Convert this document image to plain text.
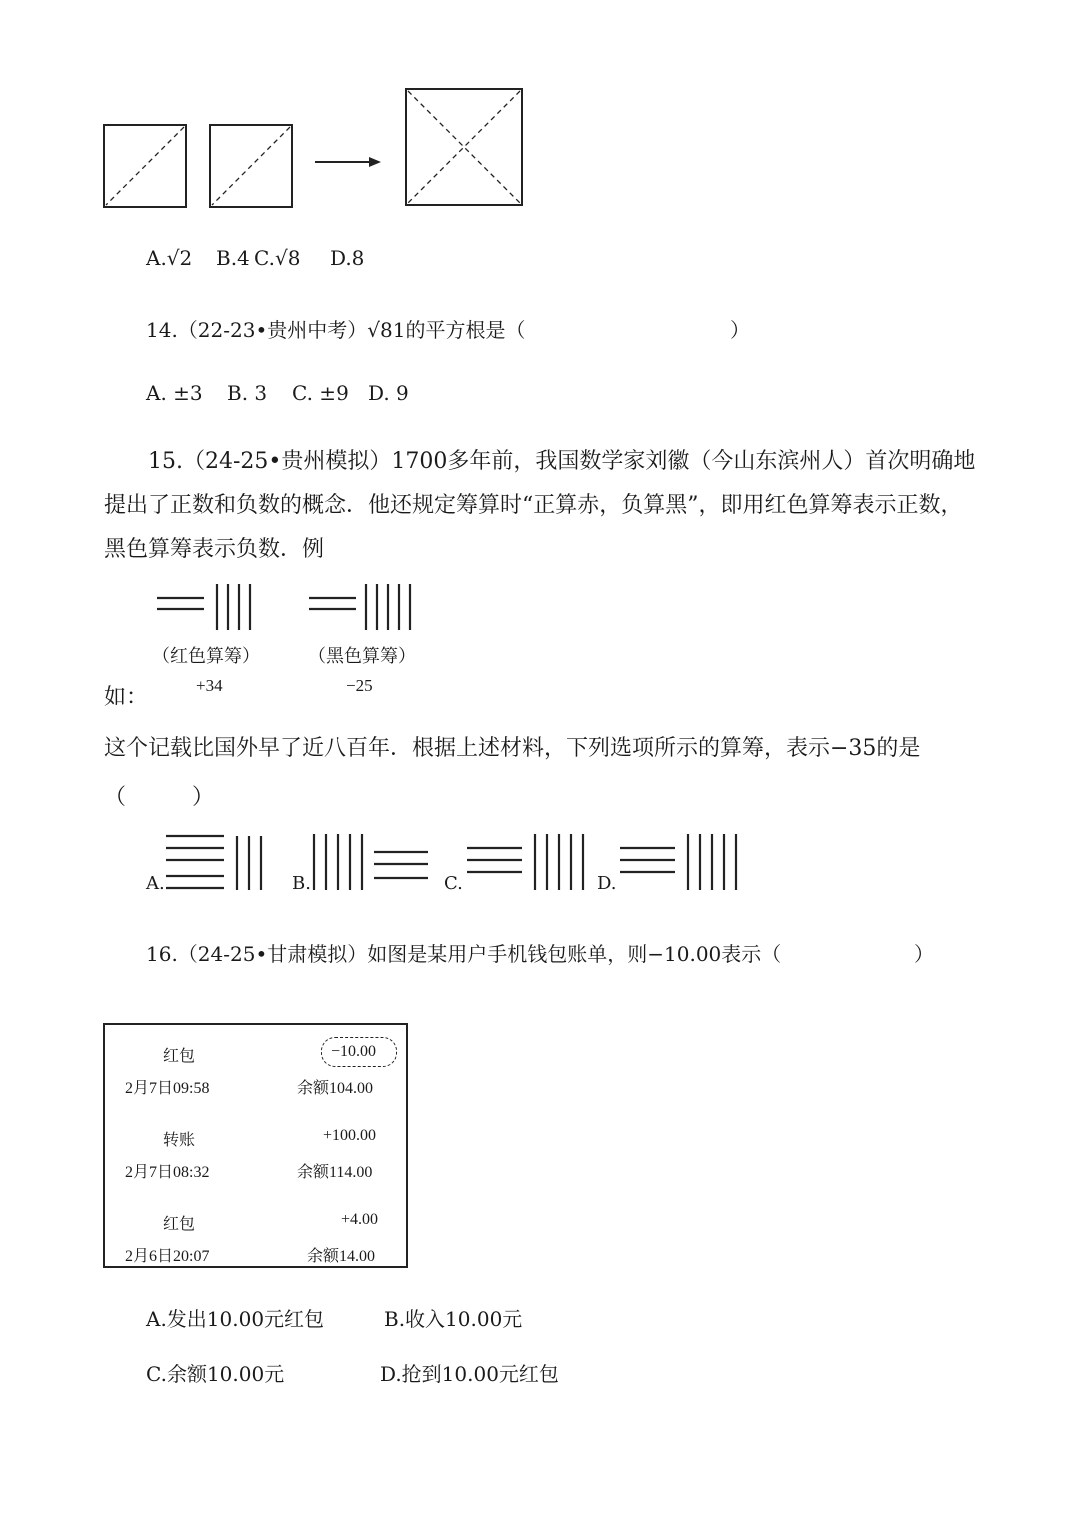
A.√2 B.4 C.√8 D.8
14.（22-23•贵州中考）√81的平方根是（	）
A. ±3 B. 3 C. ±9 D. 9
15.（24-25•贵州模拟）1700多年前，我国数学家刘徽（今山东滨州人）首次明确地提出了正数和负数的概念．他还规定筹算时“正算赤，负算黑”，即用红色算筹表示正数，黑色算筹表示负数．例
（红色算筹）	（黑色算筹）
如：	+34	−25
这个记载比国外早了近八百年．根据上述材料，下列选项所示的算筹，表示−35的是
（　　　）
A.	B.	C.	D.
16.（24-25•甘肃模拟）如图是某用户手机钱包账单，则−10.00表示（	）
红包	−10.00
2月7日09:58	余额104.00
转账	+100.00
2月7日08:32	余额114.00
红包	+4.00
2月6日20:07	余额14.00
A.发出10.00元红包	B.收入10.00元
C.余额10.00元	D.抢到10.00元红包
